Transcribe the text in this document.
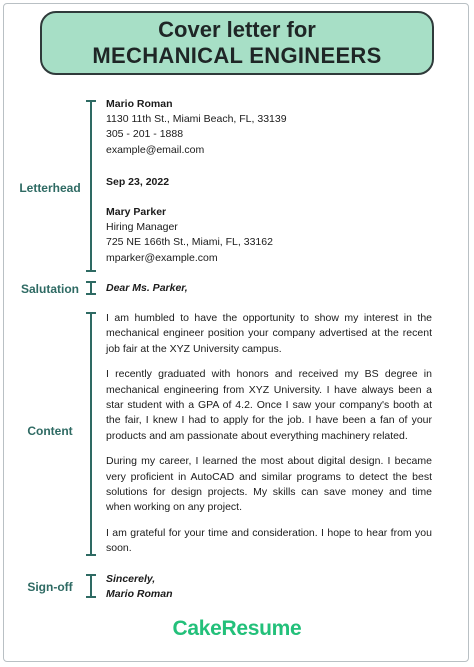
Cover letter for
MECHANICAL ENGINEERS
Letterhead

Mario Roman

1130 11th St., Miami Beach, FL, 33139

305 - 201 - 1888

example@email.com

Sep 23, 2022

Mary Parker

Hiring Manager

725 NE 166th St., Miami, FL, 33162

mparker@example.com

Salutation	Dear Ms. Parker,
Content

I am humbled to have the opportunity to show my interest in the mechanical engineer position your company advertised at the recent job fair at the XYZ University campus.

I recently graduated with honors and received my BS degree in mechanical engineering from XYZ University. I have always been a star student with a GPA of 4.2. Once I saw your company's booth at the fair, I knew I had to apply for the job. I have been a fan of your products and am passionate about everything machinery related.

During my career, I learned the most about digital design. I became very proficient in AutoCAD and similar programs to detect the best solutions for design projects. My skills can save money and time when working on any project.

I am grateful for your time and consideration. I hope to hear from you soon.

Sign-off

Sincerely,

Mario Roman

CakeResume
